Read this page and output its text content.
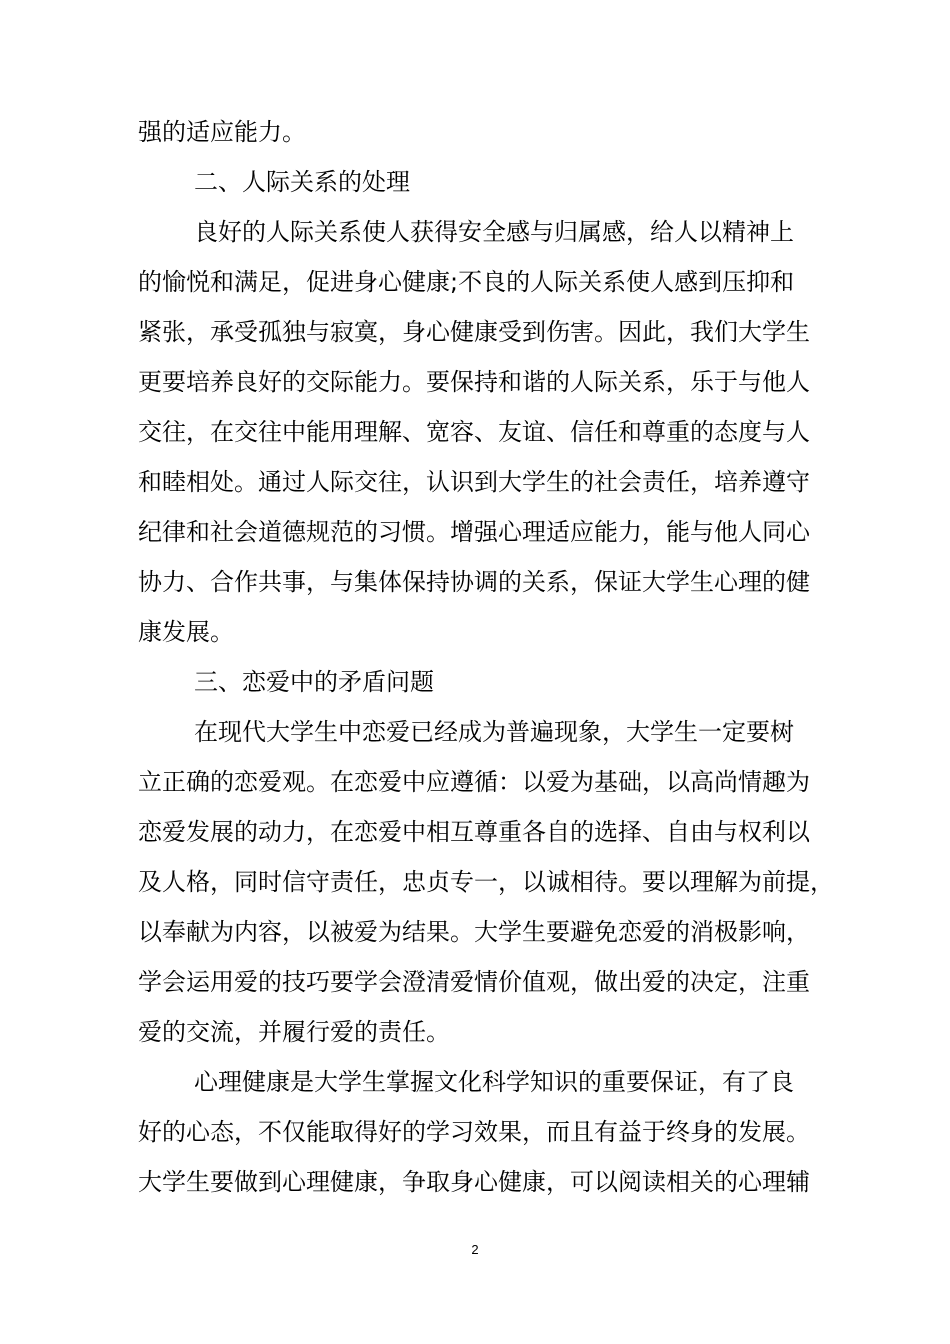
强的适应能力。

二、人际关系的处理

良好的人际关系使人获得安全感与归属感，给人以精神上

的愉悦和满足，促进身心健康;不良的人际关系使人感到压抑和

紧张，承受孤独与寂寞，身心健康受到伤害。因此，我们大学生

更要培养良好的交际能力。要保持和谐的人际关系，乐于与他人

交往，在交往中能用理解、宽容、友谊、信任和尊重的态度与人

和睦相处。通过人际交往，认识到大学生的社会责任，培养遵守

纪律和社会道德规范的习惯。增强心理适应能力，能与他人同心

协力、合作共事，与集体保持协调的关系，保证大学生心理的健

康发展。

三、恋爱中的矛盾问题

在现代大学生中恋爱已经成为普遍现象，大学生一定要树

立正确的恋爱观。在恋爱中应遵循：以爱为基础，以高尚情趣为

恋爱发展的动力，在恋爱中相互尊重各自的选择、自由与权利以

及人格，同时信守责任，忠贞专一，以诚相待。要以理解为前提，

以奉献为内容，以被爱为结果。大学生要避免恋爱的消极影响，

学会运用爱的技巧要学会澄清爱情价值观，做出爱的决定，注重

爱的交流，并履行爱的责任。

心理健康是大学生掌握文化科学知识的重要保证，有了良

好的心态，不仅能取得好的学习效果，而且有益于终身的发展。

大学生要做到心理健康，争取身心健康，可以阅读相关的心理辅

2
